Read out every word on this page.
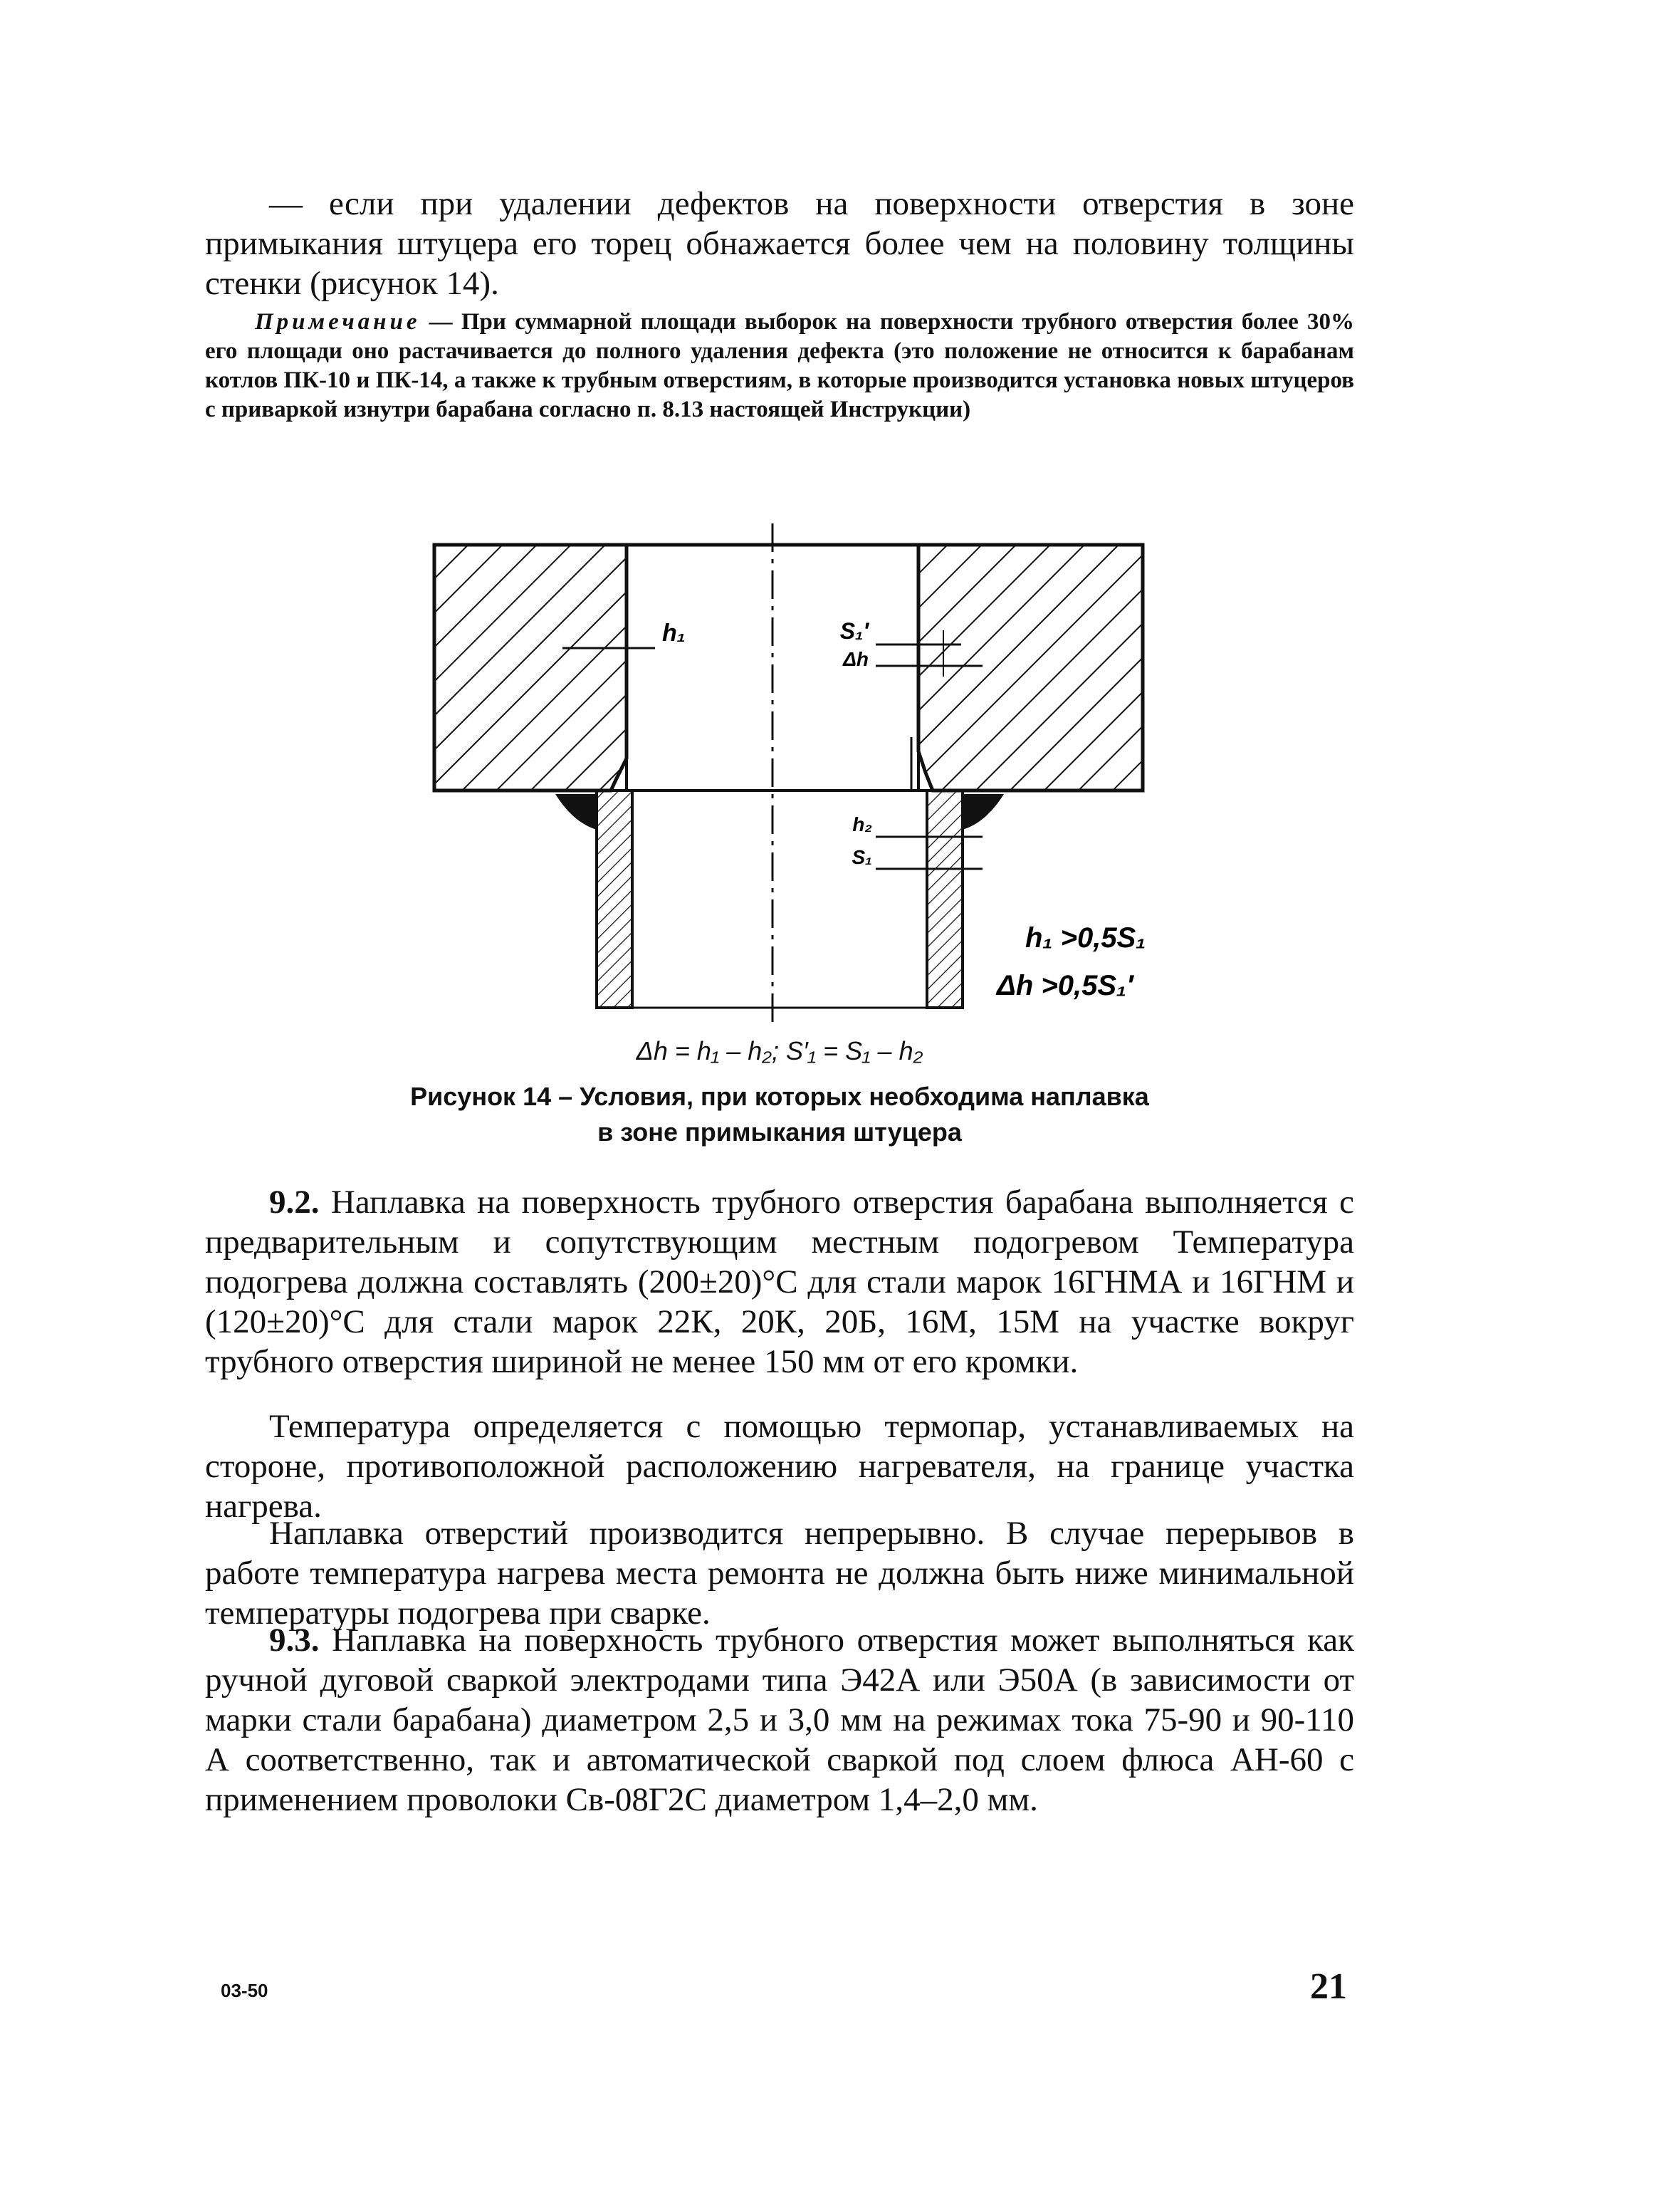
— если при удалении дефектов на поверхности отверстия в зоне примыкания штуцера его торец обнажается более чем на половину толщины стенки (рисунок 14).

Примечание — При суммарной площади выборок на поверхности трубного отверстия более 30% его площади оно растачивается до полного удаления дефекта (это положение не относится к барабанам котлов ПК-10 и ПК-14, а также к трубным отверстиям, в которые производится установка новых штуцеров с приваркой изнутри барабана согласно п. 8.13 настоящей Инструкции)

h₁	S₁′
Δh
h₂
S₁
h₁ >0,5S₁
Δh >0,5S₁′
Δh = h₁ – h₂; S′₁ = S₁ – h₂
Рисунок 14 – Условия, при которых необходима наплавка
в зоне примыкания штуцера

9.2. Наплавка на поверхность трубного отверстия барабана выполняется с предварительным и сопутствующим местным подогревом Температура подогрева должна составлять (200±20)°С для стали марок 16ГНМА и 16ГНМ и (120±20)°С для стали марок 22К, 20К, 20Б, 16М, 15М на участке вокруг трубного отверстия шириной не менее 150 мм от его кромки.

Температура определяется с помощью термопар, устанавливаемых на стороне, противоположной расположению нагревателя, на границе участка нагрева.

Наплавка отверстий производится непрерывно. В случае перерывов в работе температура нагрева места ремонта не должна быть ниже минимальной температуры подогрева при сварке.

9.3. Наплавка на поверхность трубного отверстия может выполняться как ручной дуговой сваркой электродами типа Э42А или Э50А (в зависимости от марки стали барабана) диаметром 2,5 и 3,0 мм на режимах тока 75-90 и 90-110 А соответственно, так и автоматической сваркой под слоем флюса АН-60 с применением проволоки Св-08Г2С диаметром 1,4–2,0 мм.

03-50	21
